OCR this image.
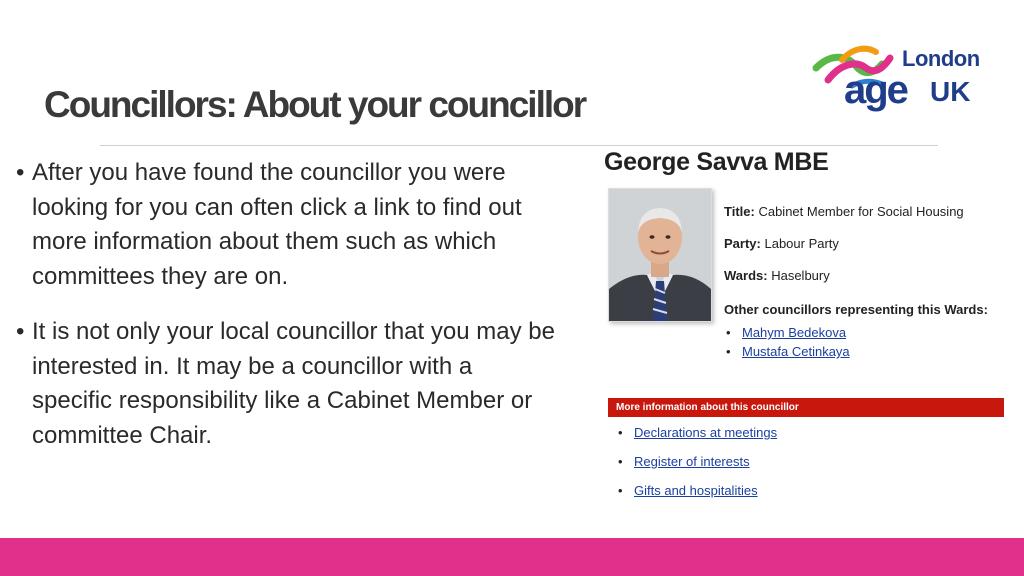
Councillors: About your councillor
London
age UK
• After you have found the councillor you were looking for you can often click a link to find out more information about them such as which committees they are on.
• It is not only your local councillor that you may be interested in. It may be a councillor with a specific responsibility like a Cabinet Member or committee Chair.
George Savva MBE
Title: Cabinet Member for Social Housing
Party: Labour Party
Wards: Haselbury
Other councillors representing this Wards:
• Mahym Bedekova
• Mustafa Cetinkaya
More information about this councillor
• Declarations at meetings
• Register of interests
• Gifts and hospitalities
